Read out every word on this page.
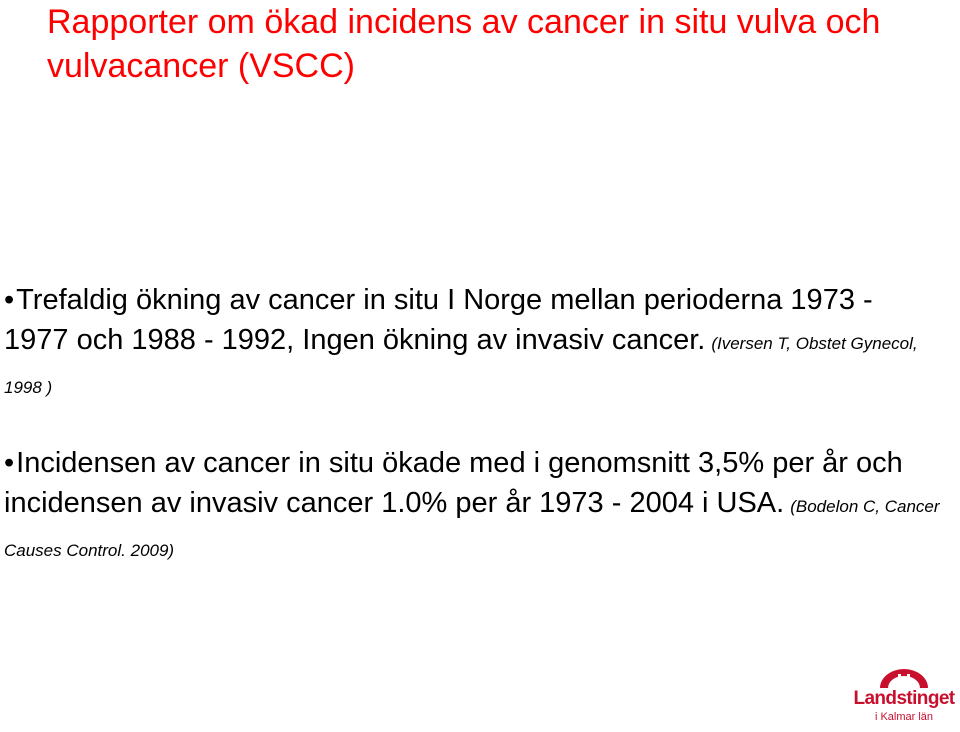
Rapporter om ökad incidens av cancer in situ vulva och vulvacancer (VSCC)

•Trefaldig ökning av cancer in situ I Norge mellan perioderna 1973 - 1977 och 1988 - 1992, Ingen ökning av invasiv cancer. (Iversen T, Obstet Gynecol, 1998 )

•Incidensen av cancer in situ ökade med i genomsnitt 3,5% per år och incidensen av invasiv cancer 1.0% per år 1973 - 2004 i USA. (Bodelon C, Cancer Causes Control. 2009)

Landstinget
i Kalmar län
